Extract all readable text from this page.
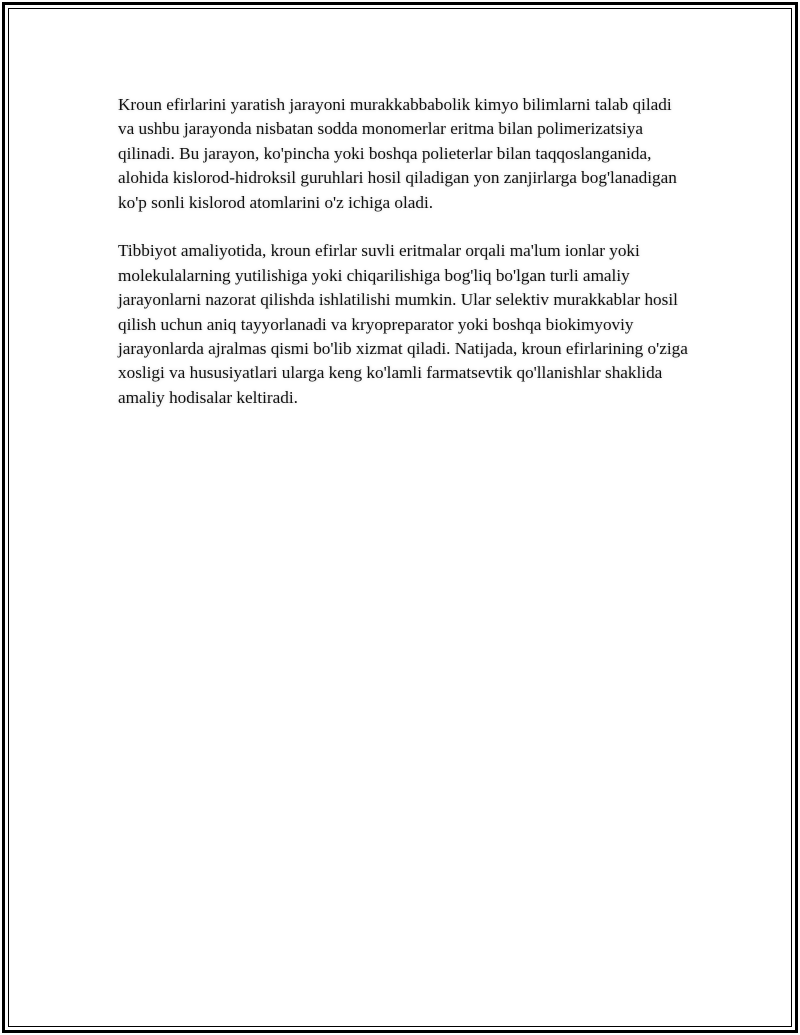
Kroun efirlarini yaratish jarayoni murakkabbabolik kimyo bilimlarni talab qiladi va ushbu jarayonda nisbatan sodda monomerlar eritma bilan polimerizatsiya qilinadi. Bu jarayon, ko'pincha yoki boshqa polieterlar bilan taqqoslanganida, alohida kislorod-hidroksil guruhlari hosil qiladigan yon zanjirlarga bog'lanadigan ko'p sonli kislorod atomlarini o'z ichiga oladi.

Tibbiyot amaliyotida, kroun efirlar suvli eritmalar orqali ma'lum ionlar yoki molekulalarning yutilishiga yoki chiqarilishiga bog'liq bo'lgan turli amaliy jarayonlarni nazorat qilishda ishlatilishi mumkin. Ular selektiv murakkablar hosil qilish uchun aniq tayyorlanadi va kryopreparator yoki boshqa biokimyoviy jarayonlarda ajralmas qismi bo'lib xizmat qiladi. Natijada, kroun efirlarining o'ziga xosligi va hususiyatlari ularga keng ko'lamli farmatsevtik qo'llanishlar shaklida amaliy hodisalar keltiradi.
